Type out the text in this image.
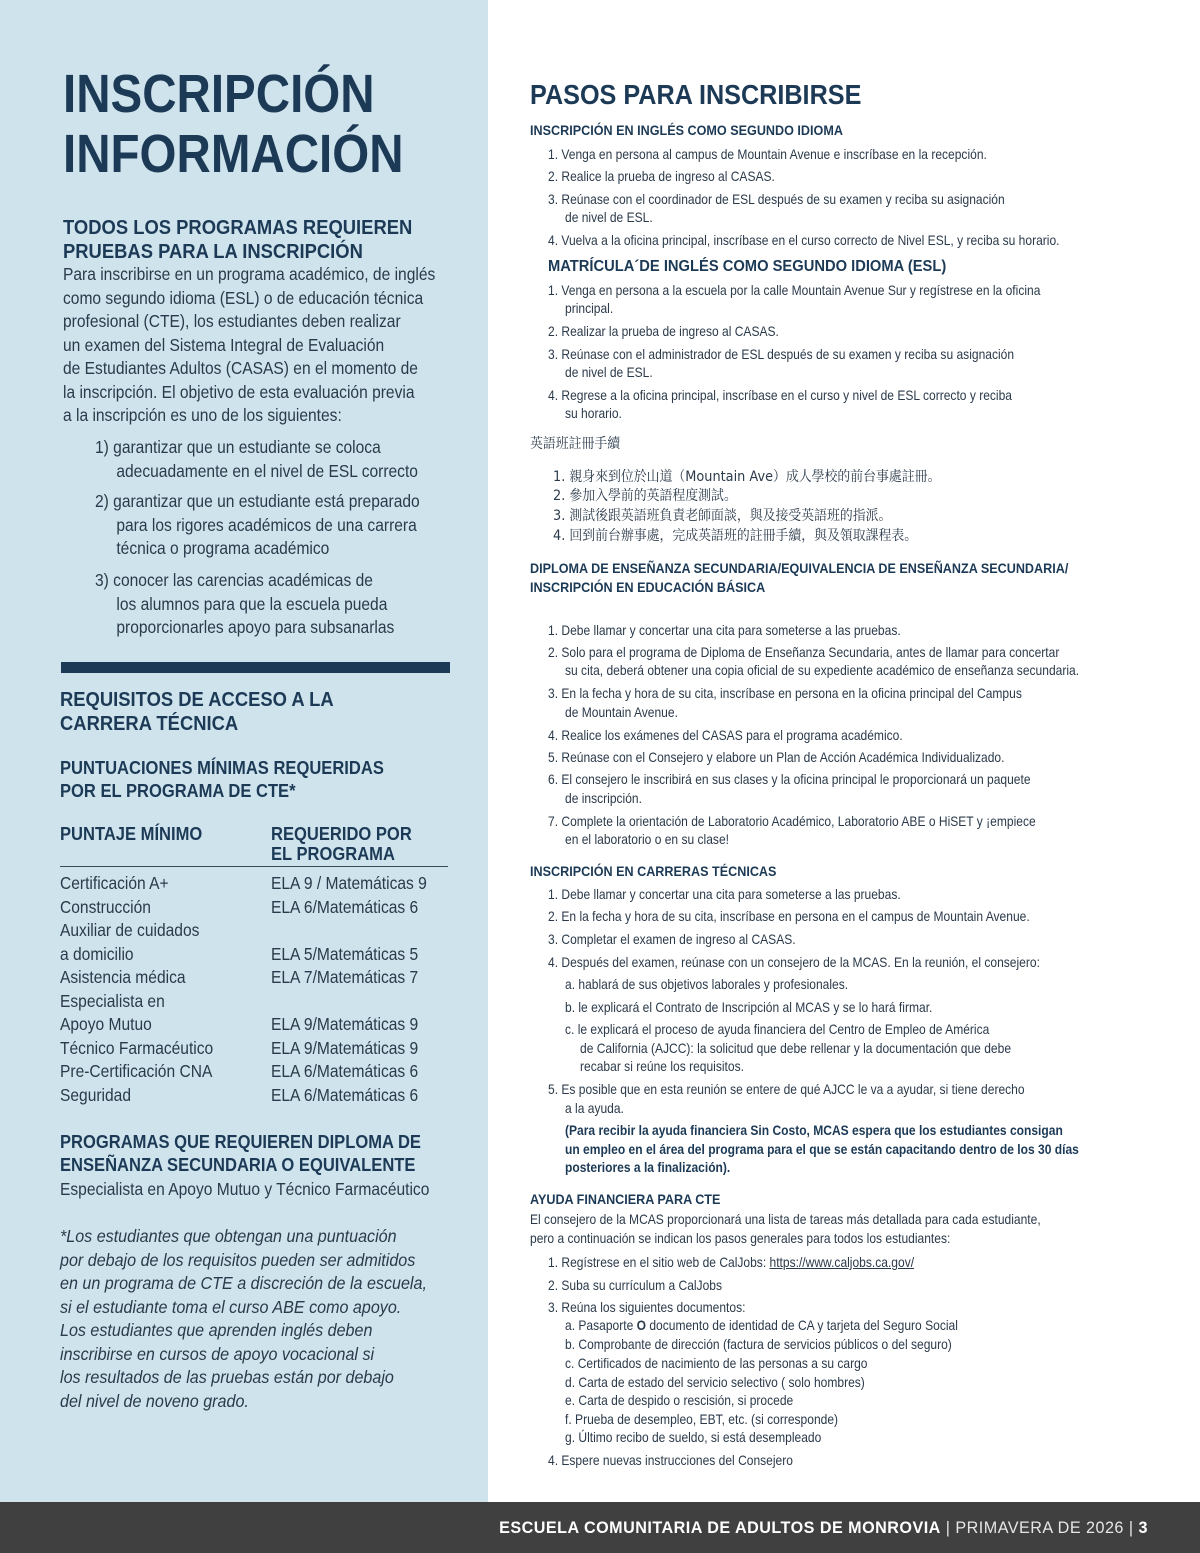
INSCRIPCIÓN
INFORMACIÓN
TODOS LOS PROGRAMAS REQUIEREN
PRUEBAS PARA LA INSCRIPCIÓN
Para inscribirse en un programa académico, de inglés
como segundo idioma (ESL) o de educación técnica
profesional (CTE), los estudiantes deben realizar
un examen del Sistema Integral de Evaluación
de Estudiantes Adultos (CASAS) en el momento de
la inscripción. El objetivo de esta evaluación previa
a la inscripción es uno de los siguientes:
1) garantizar que un estudiante se coloca
adecuadamente en el nivel de ESL correcto
2) garantizar que un estudiante está preparado
para los rigores académicos de una carrera
técnica o programa académico
3) conocer las carencias académicas de
los alumnos para que la escuela pueda
proporcionarles apoyo para subsanarlas
REQUISITOS DE ACCESO A LA
CARRERA TÉCNICA
PUNTUACIONES MÍNIMAS REQUERIDAS
POR EL PROGRAMA DE CTE*
PUNTAJE MÍNIMO	REQUERIDO POR
EL PROGRAMA
PROGRAMAS QUE REQUIEREN DIPLOMA DE
ENSEÑANZA SECUNDARIA O EQUIVALENTE
Especialista en Apoyo Mutuo y Técnico Farmacéutico
*Los estudiantes que obtengan una puntuación
por debajo de los requisitos pueden ser admitidos
en un programa de CTE a discreción de la escuela,
si el estudiante toma el curso ABE como apoyo.
Los estudiantes que aprenden inglés deben
inscribirse en cursos de apoyo vocacional si
los resultados de las pruebas están por debajo
del nivel de noveno grado.
PASOS PARA INSCRIBIRSE
INSCRIPCIÓN EN INGLÉS COMO SEGUNDO IDIOMA
1. Venga en persona al campus de Mountain Avenue e inscríbase en la recepción.
2. Realice la prueba de ingreso al CASAS.
3. Reúnase con el coordinador de ESL después de su examen y reciba su asignación
de nivel de ESL.
4. Vuelva a la oficina principal, inscríbase en el curso correcto de Nivel ESL, y reciba su horario.
MATRÍCULA´DE INGLÉS COMO SEGUNDO IDIOMA (ESL)
1. Venga en persona a la escuela por la calle Mountain Avenue Sur y regístrese en la oficina
principal.
2. Realizar la prueba de ingreso al CASAS.
3. Reúnase con el administrador de ESL después de su examen y reciba su asignación
de nivel de ESL.
4. Regrese a la oficina principal, inscríbase en el curso y nivel de ESL correcto y reciba
su horario.
英語班註冊手續
1. 親身來到位於山道（Mountain Ave）成人學校的前台事處註冊。
2. 參加入學前的英語程度測試。
3. 測試後跟英語班負責老師面談，與及接受英語班的指派。
4. 回到前台辦事處，完成英語班的註冊手續，與及領取課程表。
DIPLOMA DE ENSEÑANZA SECUNDARIA/EQUIVALENCIA DE ENSEÑANZA SECUNDARIA/
INSCRIPCIÓN EN EDUCACIÓN BÁSICA
1. Debe llamar y concertar una cita para someterse a las pruebas.
2. Solo para el programa de Diploma de Enseñanza Secundaria, antes de llamar para concertar
su cita, deberá obtener una copia oficial de su expediente académico de enseñanza secundaria.
3. En la fecha y hora de su cita, inscríbase en persona en la oficina principal del Campus
de Mountain Avenue.
4. Realice los exámenes del CASAS para el programa académico.
5. Reúnase con el Consejero y elabore un Plan de Acción Académica Individualizado.
6. El consejero le inscribirá en sus clases y la oficina principal le proporcionará un paquete
de inscripción.
7. Complete la orientación de Laboratorio Académico, Laboratorio ABE o HiSET y ¡empiece
en el laboratorio o en su clase!
INSCRIPCIÓN EN CARRERAS TÉCNICAS
1. Debe llamar y concertar una cita para someterse a las pruebas.
2. En la fecha y hora de su cita, inscríbase en persona en el campus de Mountain Avenue.
3. Completar el examen de ingreso al CASAS.
4. Después del examen, reúnase con un consejero de la MCAS. En la reunión, el consejero:
a. hablará de sus objetivos laborales y profesionales.
b. le explicará el Contrato de Inscripción al MCAS y se lo hará firmar.
c. le explicará el proceso de ayuda financiera del Centro de Empleo de América
de California (AJCC): la solicitud que debe rellenar y la documentación que debe
recabar si reúne los requisitos.
5. Es posible que en esta reunión se entere de qué AJCC le va a ayudar, si tiene derecho
a la ayuda.
(Para recibir la ayuda financiera Sin Costo, MCAS espera que los estudiantes consigan
un empleo en el área del programa para el que se están capacitando dentro de los 30 días
posteriores a la finalización).
AYUDA FINANCIERA PARA CTE
El consejero de la MCAS proporcionará una lista de tareas más detallada para cada estudiante,
pero a continuación se indican los pasos generales para todos los estudiantes:
1. Regístrese en el sitio web de CalJobs: https://www.caljobs.ca.gov/
2. Suba su currículum a CalJobs
3. Reúna los siguientes documentos:
a. Pasaporte O documento de identidad de CA y tarjeta del Seguro Social
b. Comprobante de dirección (factura de servicios públicos o del seguro)
c. Certificados de nacimiento de las personas a su cargo
d. Carta de estado del servicio selectivo ( solo hombres)
e. Carta de despido o rescisión, si procede
f. Prueba de desempleo, EBT, etc. (si corresponde)
g. Último recibo de sueldo, si está desempleado
4. Espere nuevas instrucciones del Consejero
ESCUELA COMUNITARIA DE ADULTOS DE MONROVIA | PRIMAVERA DE 2026 | 3
Certificación A+	ELA 9 / Matemáticas 9
Construcción	ELA 6/Matemáticas 6
Auxiliar de cuidados
a domicilio	ELA 5/Matemáticas 5
Asistencia médica	ELA 7/Matemáticas 7
Especialista en
Apoyo Mutuo	ELA 9/Matemáticas 9
Técnico Farmacéutico	ELA 9/Matemáticas 9
Pre-Certificación CNA	ELA 6/Matemáticas 6
Seguridad	ELA 6/Matemáticas 6
